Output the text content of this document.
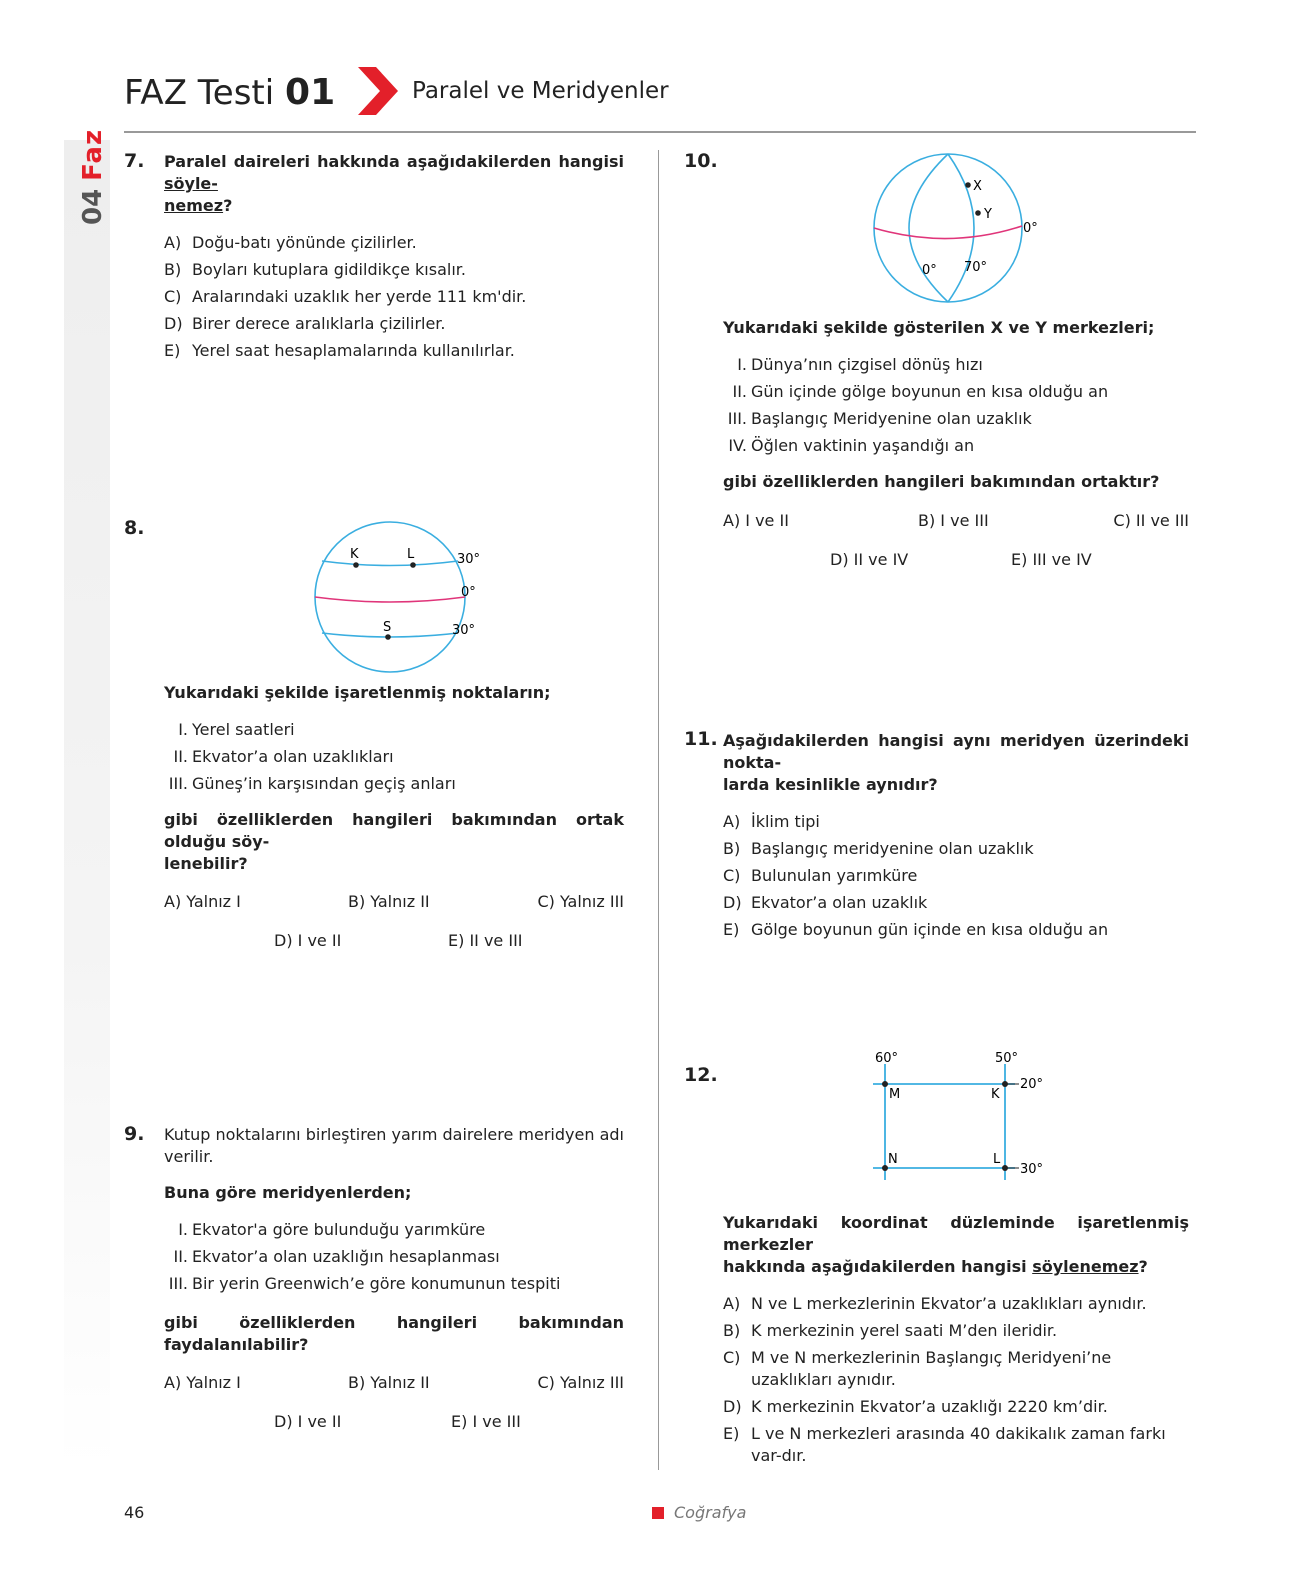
04
Faz
FAZ Testi 01	Paralel ve Meridyenler
7. Paralel daireleri hakkında aşağıdakilerden hangisi söyle-
nemez?
A) Doğu-batı yönünde çizilirler.
B) Boyları kutuplara gidildikçe kısalır.
C) Aralarındaki uzaklık her yerde 111 km'dir.
D) Birer derece aralıklarla çizilirler.
E) Yerel saat hesaplamalarında kullanılırlar.
8.
K	L
S
30°
0°
30°
Yukarıdaki şekilde işaretlenmiş noktaların;
I. Yerel saatleri
II. Ekvator’a olan uzaklıkları
III. Güneş’in karşısından geçiş anları
gibi özelliklerden hangileri bakımından ortak olduğu söy-
lenebilir?
A) Yalnız I	B) Yalnız II	C) Yalnız III
D) I ve II	E) II ve III
9. Kutup noktalarını birleştiren yarım dairelere meridyen adı
verilir.
Buna göre meridyenlerden;
I. Ekvator'a göre bulunduğu yarımküre
II. Ekvator’a olan uzaklığın hesaplanması
III. Bir yerin Greenwich’e göre konumunun tespiti
gibi özelliklerden hangileri bakımından faydalanılabilir?
A) Yalnız I	B) Yalnız II	C) Yalnız III
D) I ve II	E) I ve III
10.
X
Y
0°
0° 70°
Yukarıdaki şekilde gösterilen X ve Y merkezleri;
I. Dünya’nın çizgisel dönüş hızı
II. Gün içinde gölge boyunun en kısa olduğu an
III. Başlangıç Meridyenine olan uzaklık
IV. Öğlen vaktinin yaşandığı an
gibi özelliklerden hangileri bakımından ortaktır?
A) I ve II	B) I ve III	C) II ve III
D) II ve IV	E) III ve IV
11. Aşağıdakilerden hangisi aynı meridyen üzerindeki nokta-
larda kesinlikle aynıdır?
A) İklim tipi
B) Başlangıç meridyenine olan uzaklık
C) Bulunulan yarımküre
D) Ekvator’a olan uzaklık
E) Gölge boyunun gün içinde en kısa olduğu an
12.
60°	50°
20°
30°
M	K
N	L
Yukarıdaki koordinat düzleminde işaretlenmiş merkezler
hakkında aşağıdakilerden hangisi söylenemez?
A) N ve L merkezlerinin Ekvator’a uzaklıkları aynıdır.
B) K merkezinin yerel saati M’den ileridir.
C) M ve N merkezlerinin Başlangıç Meridyeni’ne uzaklıkları aynıdır.
D) K merkezinin Ekvator’a uzaklığı 2220 km’dir.
E) L ve N merkezleri arasında 40 dakikalık zaman farkı var-dır.
46	Coğrafya
